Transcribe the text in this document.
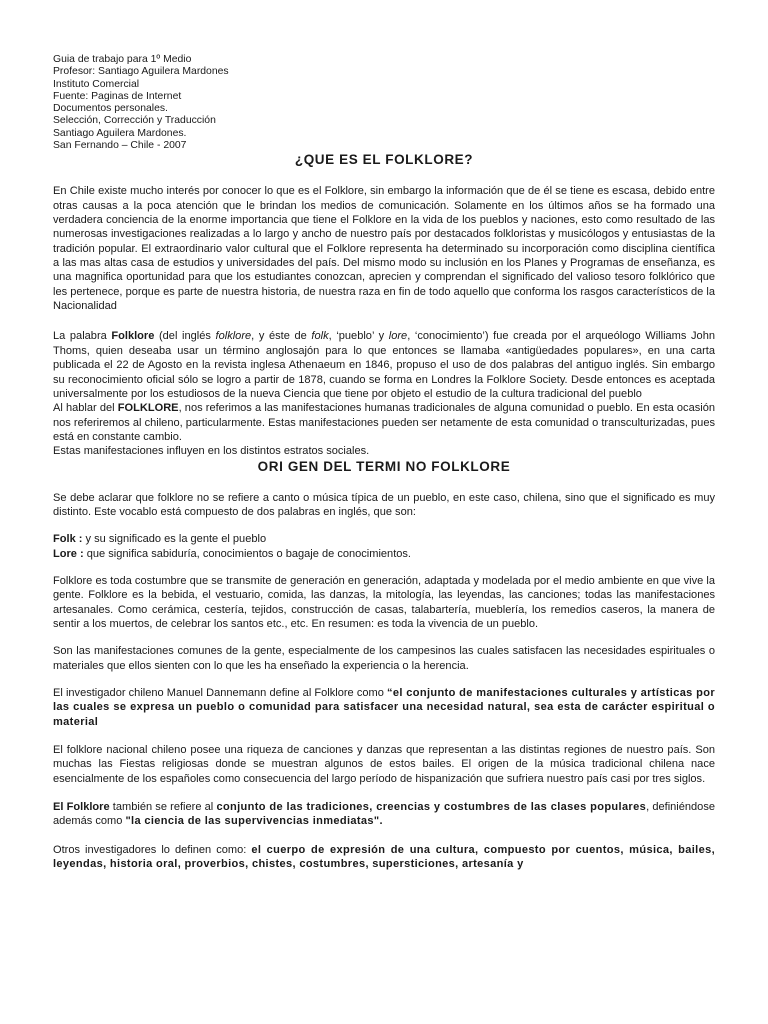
Guia de trabajo para 1º Medio
Profesor: Santiago Aguilera Mardones
Instituto Comercial
Fuente: Paginas de Internet
Documentos personales.
Selección, Corrección y Traducción
Santiago Aguilera Mardones.
San Fernando – Chile - 2007
¿QUE ES EL FOLKLORE?

En Chile existe mucho interés por conocer lo que es el Folklore, sin embargo la información que de él se tiene es escasa, debido entre otras causas a la poca atención que le brindan los medios de comunicación. Solamente en los últimos años se ha formado una verdadera conciencia de la enorme importancia que tiene el Folklore en la vida de los pueblos y naciones, esto como resultado de las numerosas investigaciones realizadas a lo largo y ancho de nuestro país por destacados folkloristas y musicólogos y entusiastas de la tradición popular. El extraordinario valor cultural que el Folklore representa ha determinado su incorporación como disciplina científica a las mas altas casa de estudios y universidades del país. Del mismo modo su inclusión en los Planes y Programas de enseñanza, es una magnifica oportunidad para que los estudiantes conozcan, aprecien y comprendan el significado del valioso tesoro folklórico que les pertenece, porque es parte de nuestra historia, de nuestra raza en fin de todo aquello que conforma los rasgos característicos de la Nacionalidad

La palabra Folklore (del inglés folklore, y éste de folk, ‘pueblo’ y lore, ‘conocimiento’) fue creada por el arqueólogo Williams John Thoms, quien deseaba usar un término anglosajón para lo que entonces se llamaba «antigüedades populares», en una carta publicada el 22 de Agosto en la revista inglesa Athenaeum en 1846, propuso el uso de dos palabras del antiguo inglés. Sin embargo su reconocimiento oficial sólo se logro a partir de 1878, cuando se forma en Londres la Folklore Society. Desde entonces es aceptada universalmente por los estudiosos de la nueva Ciencia que tiene por objeto el estudio de la cultura tradicional del pueblo

Al hablar del FOLKLORE, nos referimos a las manifestaciones humanas tradicionales de alguna comunidad o pueblo. En esta ocasión nos referiremos al chileno, particularmente. Estas manifestaciones pueden ser netamente de esta comunidad o transculturizadas, pues está en constante cambio.

Estas manifestaciones influyen en los distintos estratos sociales.

ORI GEN DEL TERMI NO FOLKLORE

Se debe aclarar que folklore no se refiere a canto o música típica de un pueblo, en este caso, chilena, sino que el significado es muy distinto. Este vocablo está compuesto de dos palabras en inglés, que son:

Folk : y su significado es la gente el pueblo

Lore : que significa sabiduría, conocimientos o bagaje de conocimientos.

Folklore es toda costumbre que se transmite de generación en generación, adaptada y modelada por el medio ambiente en que vive la gente. Folklore es la bebida, el vestuario, comida, las danzas, la mitología, las leyendas, las canciones; todas las manifestaciones artesanales. Como cerámica, cestería, tejidos, construcción de casas, talabartería, mueblería, los remedios caseros, la manera de sentir a los muertos, de celebrar los santos etc., etc. En resumen: es toda la vivencia de un pueblo.

Son las manifestaciones comunes de la gente, especialmente de los campesinos las cuales satisfacen las necesidades espirituales o materiales que ellos sienten con lo que les ha enseñado la experiencia o la herencia.

El investigador chileno Manuel Dannemann define al Folklore como “el conjunto de manifestaciones culturales y artísticas por las cuales se expresa un pueblo o comunidad para satisfacer una necesidad natural, sea esta de carácter espiritual o material

El folklore nacional chileno posee una riqueza de canciones y danzas que representan a las distintas regiones de nuestro país. Son muchas las Fiestas religiosas donde se muestran algunos de estos bailes. El origen de la música tradicional chilena nace esencialmente de los españoles como consecuencia del largo período de hispanización que sufriera nuestro país casi por tres siglos.

El Folklore también se refiere al conjunto de las tradiciones, creencias y costumbres de las clases populares, definiéndose además como "la ciencia de las supervivencias inmediatas".

Otros investigadores lo definen como: el cuerpo de expresión de una cultura, compuesto por cuentos, música, bailes, leyendas, historia oral, proverbios, chistes, costumbres, supersticiones, artesanía y
